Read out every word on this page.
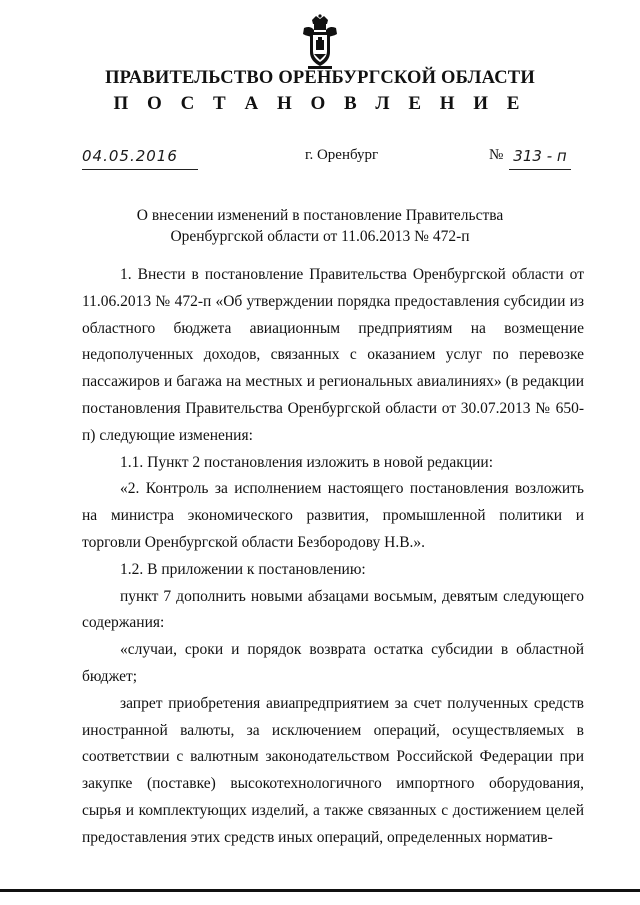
ПРАВИТЕЛЬСТВО ОРЕНБУРГСКОЙ ОБЛАСТИ
П О С Т А Н О В Л Е Н И Е
04.05.2016	г. Оренбург	№ 313 - п
О внесении изменений в постановление Правительства
Оренбургской области от 11.06.2013 № 472-п

1. Внести в постановление Правительства Оренбургской области от 11.06.2013 № 472-п «Об утверждении порядка предоставления субсидии из областного бюджета авиационным предприятиям на возмещение недополученных доходов, связанных с оказанием услуг по перевозке пассажиров и багажа на местных и региональных авиалиниях» (в редакции постановления Правительства Оренбургской области от 30.07.2013 № 650-п) следующие изменения:

1.1. Пункт 2 постановления изложить в новой редакции:

«2. Контроль за исполнением настоящего постановления возложить на министра экономического развития, промышленной политики и торговли Оренбургской области Безбородову Н.В.».

1.2. В приложении к постановлению:

пункт 7 дополнить новыми абзацами восьмым, девятым следующего содержания:

«случаи, сроки и порядок возврата остатка субсидии в областной бюджет;

запрет приобретения авиапредприятием за счет полученных средств иностранной валюты, за исключением операций, осуществляемых в соответствии с валютным законодательством Российской Федерации при закупке (поставке) высокотехнологичного импортного оборудования, сырья и комплектующих изделий, а также связанных с достижением целей предоставления этих средств иных операций, определенных норматив-
